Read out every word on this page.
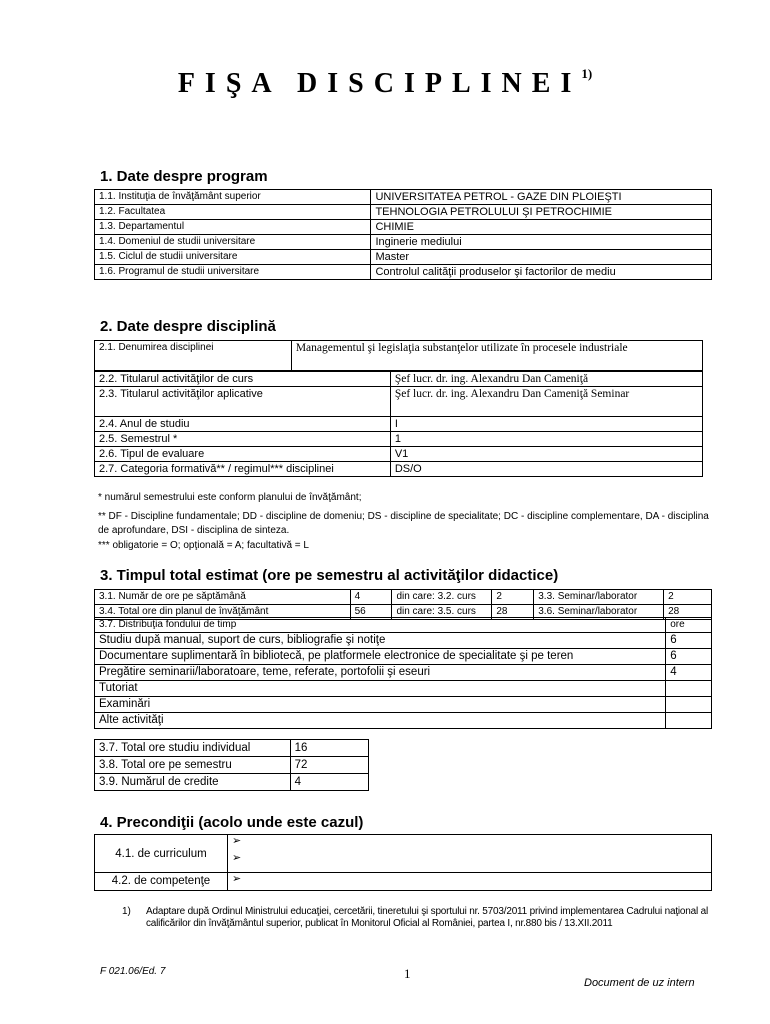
FIŞA DISCIPLINEI$^{1)}$
1. Date despre program
1.1. Instituţia de învăţământ superior	UNIVERSITATEA PETROL - GAZE DIN PLOIEŞTI
1.2. Facultatea	TEHNOLOGIA PETROLULUI ŞI PETROCHIMIE
1.3. Departamentul	CHIMIE
1.4. Domeniul de studii universitare	Inginerie mediului
1.5. Ciclul de studii universitare	Master
1.6. Programul de studii universitare	Controlul calităţii produselor şi factorilor de mediu
2. Date despre disciplină
2.1. Denumirea disciplinei	Managementul şi legislaţia substanţelor utilizate în procesele industriale
2.2. Titularul activităţilor de curs	Şef lucr. dr. ing. Alexandru Dan Cameniţă
2.3. Titularul activităţilor aplicative	Şef lucr. dr. ing. Alexandru Dan Cameniţă Seminar
2.4. Anul de studiu	I
2.5. Semestrul *	1
2.6. Tipul de evaluare	V1
2.7. Categoria formativă** / regimul*** disciplinei	DS/O
* numărul semestrului este conform planului de învăţământ;
** DF - Discipline fundamentale; DD - discipline de domeniu; DS - discipline de specialitate; DC - discipline complementare, DA - disciplina de aprofundare, DSI - disciplina de sinteza.
*** obligatorie = O; opţională = A; facultativă = L
3. Timpul total estimat (ore pe semestru al activităţilor didactice)
3.1. Număr de ore pe săptămână	4	din care: 3.2. curs	2	3.3. Seminar/laborator	2
3.4. Total ore din planul de învăţământ	56	din care: 3.5. curs	28	3.6. Seminar/laborator	28
3.7. Distribuţia fondului de timp	ore
Studiu după manual, suport de curs, bibliografie şi notiţe	6
Documentare suplimentară în bibliotecă, pe platformele electronice de specialitate şi pe teren	6
Pregătire seminarii/laboratoare, teme, referate, portofolii şi eseuri	4
Tutoriat	
Examinări	
Alte activităţi	
3.7. Total ore studiu individual	16
3.8. Total ore pe semestru	72
3.9. Numărul de credite	4
4. Precondiţii (acolo unde este cazul)
4.1. de curriculum	➢
➢

4.2. de competenţe	➢
1) Adaptare după Ordinul Ministrului educaţiei, cercetării, tineretului şi sportului nr. 5703/2011 privind implementarea Cadrului naţional al calificărilor din învăţământul superior, publicat în Monitorul Oficial al României, partea I, nr.880 bis / 13.XII.2011
F 021.06/Ed. 7	1
Document de uz intern
